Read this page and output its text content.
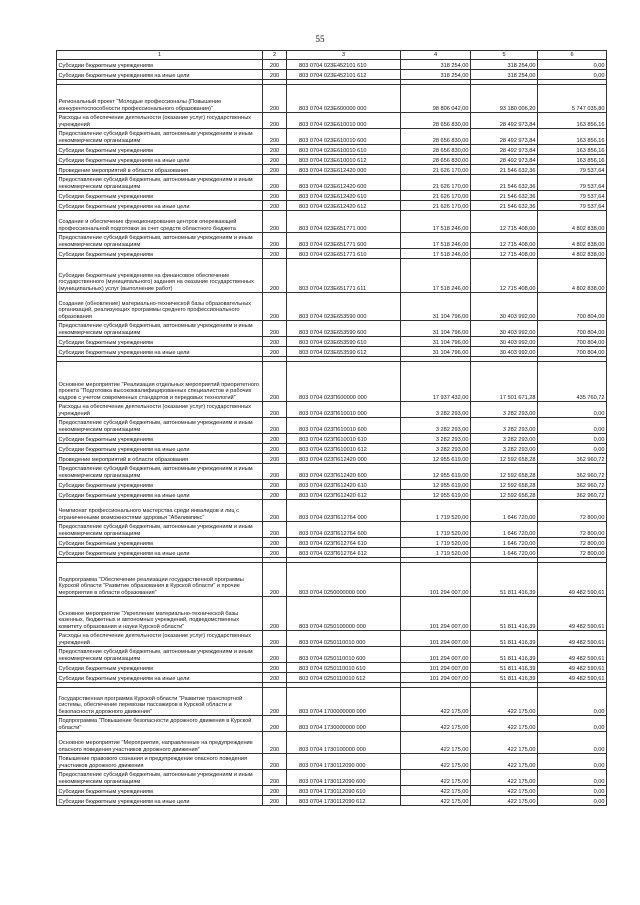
55
1	2	3	4	5	6
Субсидии бюджетным учреждениям	200	803 0704 023Е452101 610	318 254,00	318 254,00	0,00
Субсидии бюджетным учреждениям на иные цели	200	803 0704 023Е452101 612	318 254,00	318 254,00	0,00

Региональный проект "Молодые профессионалы (Повышение конкурентоспособности профессионального образования)"	200	803 0704 023Е600000 000	98 806 042,00	93 180 006,20	5 747 035,80
Расходы на обеспечение деятельности (оказание услуг) государственных учреждений	200	803 0704 023Е610010 000	28 656 830,00	28 492 973,84	163 856,16
Предоставление субсидий бюджетным, автономным учреждениям и иным некоммерческим организациям	200	803 0704 023Е610010 600	28 656 830,00	28 492 973,84	163 856,16
Субсидии бюджетным учреждениям	200	803 0704 023Е610010 610	28 656 830,00	28 492 973,84	163 856,16
Субсидии бюджетным учреждениям на иные цели	200	803 0704 023Е610010 612	28 656 830,00	28 492 973,84	163 856,16
Проведение мероприятий в области образования	200	803 0704 023Е612420 000	21 626 170,00	21 546 632,36	79 537,64
Предоставление субсидий бюджетным, автономным учреждениям и иным некоммерческим организациям	200	803 0704 023Е612420 600	21 626 170,00	21 546 632,36	79 537,64
Субсидии бюджетным учреждениям	200	803 0704 023Е612420 610	21 626 170,00	21 546 632,36	79 537,64
Субсидии бюджетным учреждениям на иные цели	200	803 0704 023Е612420 612	21 626 170,00	21 546 632,36	79 537,64
Создание и обеспечение функционирования центров опережающей профессиональной подготовки за счет средств областного бюджета	200	803 0704 023Е651771 000	17 518 246,00	12 715 408,00	4 802 838,00
Предоставление субсидий бюджетным, автономным учреждениям и иным некоммерческим организациям	200	803 0704 023Е651771 600	17 518 246,00	12 715 408,00	4 802 838,00
Субсидии бюджетным учреждениям	200	803 0704 023Е651771 610	17 518 246,00	12 715 408,00	4 802 838,00
Субсидии бюджетным учреждениям на финансовое обеспечение государственного (муниципального) задания на оказание государственных (муниципальных) услуг (выполнение работ)	200	803 0704 023Е651771 611	17 518 246,00	12 715 408,00	4 802 838,00
Создание (обновление) материально-технической базы образовательных организаций, реализующих программы среднего профессионального образования	200	803 0704 023Е653590 000	31 104 796,00	30 403 992,00	700 804,00
Предоставление субсидий бюджетным, автономным учреждениям и иным некоммерческим организациям	200	803 0704 023Е653590 600	31 104 796,00	30 403 992,00	700 804,00
Субсидии бюджетным учреждениям	200	803 0704 023Е653590 610	31 104 796,00	30 403 992,00	700 804,00
Субсидии бюджетным учреждениям на иные цели	200	803 0704 023Е653590 612	31 104 796,00	30 403 992,00	700 804,00

Основное мероприятие "Реализация отдельных мероприятий приоритетного проекта "Подготовка высококвалифицированных специалистов и рабочих кадров с учетом современных стандартов и передовых технологий"	200	803 0704 023П600000 000	17 937 432,00	17 501 671,28	435 760,72
Расходы на обеспечение деятельности (оказание услуг) государственных учреждений	200	803 0704 023П610010 000	3 282 293,00	3 282 293,00	0,00
Предоставление субсидий бюджетным, автономным учреждениям и иным некоммерческим организациям	200	803 0704 023П610010 600	3 282 293,00	3 282 293,00	0,00
Субсидии бюджетным учреждениям	200	803 0704 023П610010 610	3 282 293,00	3 282 293,00	0,00
Субсидии бюджетным учреждениям на иные цели	200	803 0704 023П610010 612	3 282 293,00	3 282 293,00	0,00
Проведение мероприятий в области образования	200	803 0704 023П612420 000	12 955 619,00	12 592 658,28	362 960,72
Предоставление субсидий бюджетным, автономным учреждениям и иным некоммерческим организациям	200	803 0704 023П612420 600	12 955 619,00	12 592 658,28	362 960,72
Субсидии бюджетным учреждениям	200	803 0704 023П612420 610	12 955 619,00	12 592 658,28	362 960,72
Субсидии бюджетным учреждениям на иные цели	200	803 0704 023П612420 612	12 955 619,00	12 592 658,28	362 960,72
Чемпионат профессионального мастерства среди инвалидов и лиц с ограниченными возможностями здоровья "Абилимпикс"	200	803 0704 023П612764 000	1 719 520,00	1 646 720,00	72 800,00
Предоставление субсидий бюджетным, автономным учреждениям и иным некоммерческим организациям	200	803 0704 023П612764 600	1 719 520,00	1 646 720,00	72 800,00
Субсидии бюджетным учреждениям	200	803 0704 023П612764 610	1 719 520,00	1 646 720,00	72 800,00
Субсидии бюджетным учреждениям на иные цели	200	803 0704 023П612764 612	1 719 520,00	1 646 720,00	72 800,00

Подпрограмма "Обеспечение реализации государственной программы Курской области "Развитие образования в Курской области" и прочие мероприятия в области образования"	200	803 0704 0250000000 000	101 294 007,00	51 811 416,39	49 482 590,61
Основное мероприятие "Укрепление материально-технической базы казенных, бюджетных и автономных учреждений, подведомственных комитету образования и науки Курской области"	200	803 0704 0250100000 000	101 294 007,00	51 811 416,39	49 482 590,61
Расходы на обеспечение деятельности (оказание услуг) государственных учреждений	200	803 0704 0250110010 000	101 294 007,00	51 811 416,39	49 482 590,61
Предоставление субсидий бюджетным, автономным учреждениям и иным некоммерческим организациям	200	803 0704 0250110010 600	101 294 007,00	51 811 416,39	49 482 590,61
Субсидии бюджетным учреждениям	200	803 0704 0250110010 610	101 294 007,00	51 811 416,39	49 482 590,61
Субсидии бюджетным учреждениям на иные цели	200	803 0704 0250110010 612	101 294 007,00	51 811 416,39	49 482 590,61

Государственная программа Курской области "Развитие транспортной системы, обеспечение перевозки пассажиров в Курской области и безопасности дорожного движения"	200	803 0704 1700000000 000	422 175,00	422 175,00	0,00
Подпрограмма "Повышение безопасности дорожного движения в Курской области"	200	803 0704 1730000000 000	422 175,00	422 175,00	0,00
Основное мероприятие "Мероприятия, направленные на предупреждение опасного поведения участников дорожного движения"	200	803 0704 1730100000 000	422 175,00	422 175,00	0,00
Повышение правового сознания и предупреждение опасного поведения участников дорожного движения	200	803 0704 1730112090 000	422 175,00	422 175,00	0,00
Предоставление субсидий бюджетным, автономным учреждениям и иным некоммерческим организациям	200	803 0704 1730112090 600	422 175,00	422 175,00	0,00
Субсидии бюджетным учреждениям	200	803 0704 1730112090 610	422 175,00	422 175,00	0,00
Субсидии бюджетным учреждениям на иные цели	200	803 0704 1730112090 612	422 175,00	422 175,00	0,00
